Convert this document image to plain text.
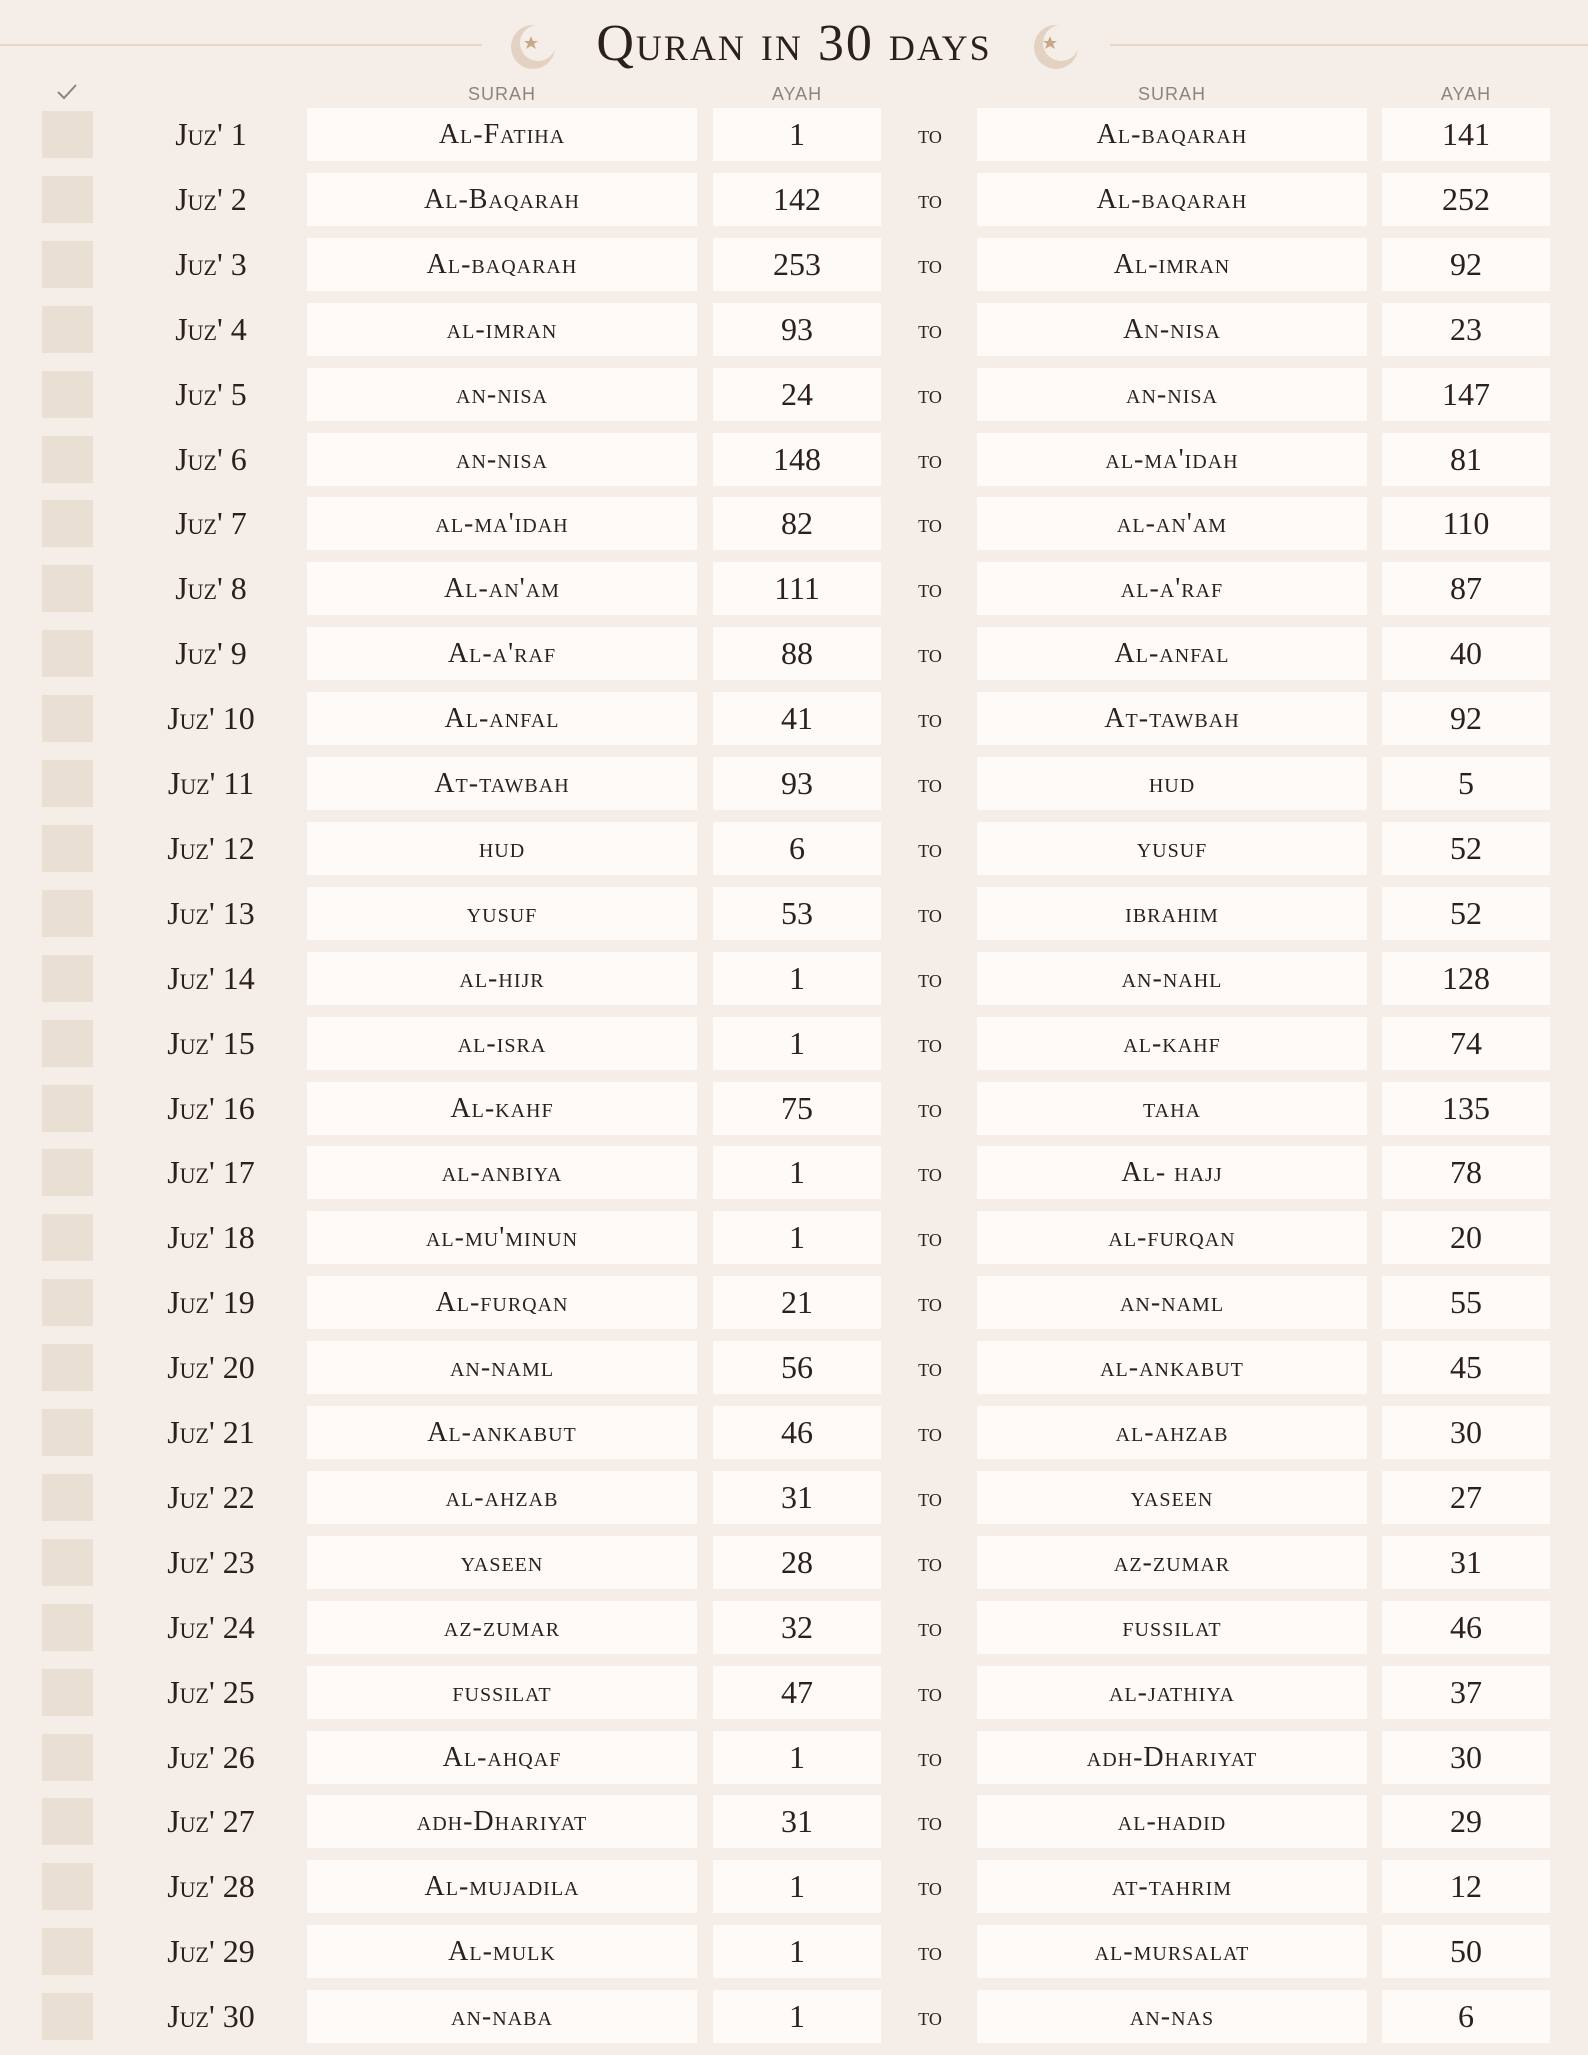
Quran in 30 days
SURAH	AYAH	SURAH	AYAH
Juz' 1	Al-Fatiha	1	to	Al-baqarah	141
Juz' 2	Al-Baqarah	142	to	Al-baqarah	252
Juz' 3	Al-baqarah	253	to	Al-imran	92
Juz' 4	al-imran	93	to	An-nisa	23
Juz' 5	an-nisa	24	to	an-nisa	147
Juz' 6	an-nisa	148	to	al-ma'idah	81
Juz' 7	al-ma'idah	82	to	al-an'am	110
Juz' 8	Al-an'am	111	to	al-a'raf	87
Juz' 9	Al-a'raf	88	to	Al-anfal	40
Juz' 10	Al-anfal	41	to	At-tawbah	92
Juz' 11	At-tawbah	93	to	hud	5
Juz' 12	hud	6	to	yusuf	52
Juz' 13	yusuf	53	to	ibrahim	52
Juz' 14	al-hijr	1	to	an-nahl	128
Juz' 15	al-isra	1	to	al-kahf	74
Juz' 16	Al-kahf	75	to	taha	135
Juz' 17	al-anbiya	1	to	Al- hajj	78
Juz' 18	al-mu'minun	1	to	al-furqan	20
Juz' 19	Al-furqan	21	to	an-naml	55
Juz' 20	an-naml	56	to	al-ankabut	45
Juz' 21	Al-ankabut	46	to	al-ahzab	30
Juz' 22	al-ahzab	31	to	yaseen	27
Juz' 23	yaseen	28	to	az-zumar	31
Juz' 24	az-zumar	32	to	fussilat	46
Juz' 25	fussilat	47	to	al-jathiya	37
Juz' 26	Al-ahqaf	1	to	adh-Dhariyat	30
Juz' 27	adh-Dhariyat	31	to	al-hadid	29
Juz' 28	Al-mujadila	1	to	at-tahrim	12
Juz' 29	Al-mulk	1	to	al-mursalat	50
Juz' 30	an-naba	1	to	an-nas	6
